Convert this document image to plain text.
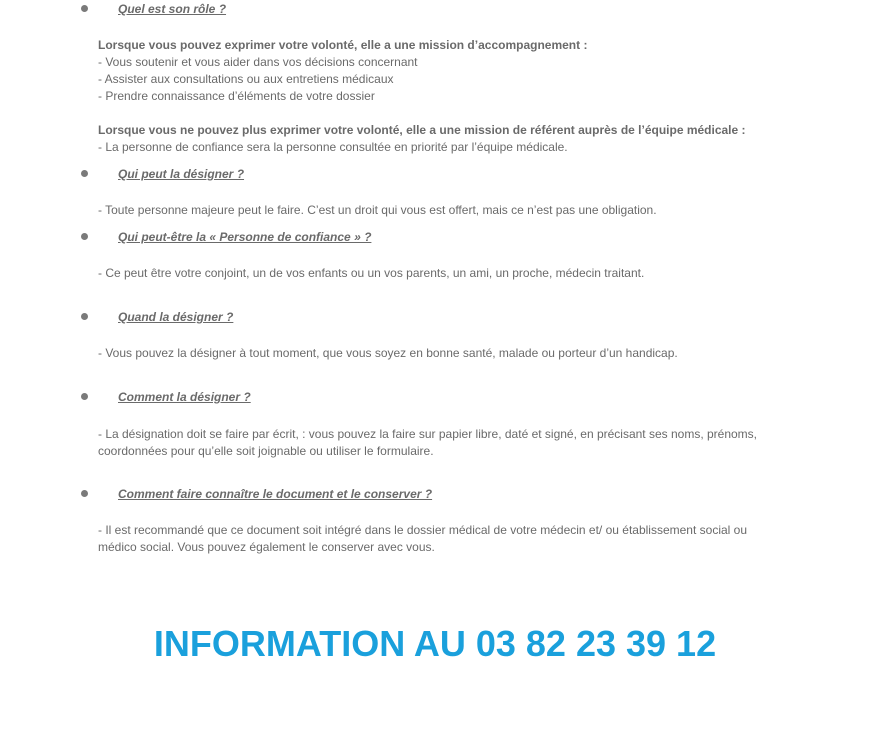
Quel est son rôle ?
Lorsque vous pouvez exprimer votre volonté, elle a une mission d’accompagnement :
- Vous soutenir et vous aider dans vos décisions concernant
- Assister aux consultations ou aux entretiens médicaux
- Prendre connaissance d’éléments de votre dossier
Lorsque vous ne pouvez plus exprimer votre volonté, elle a une mission de référent auprès de l’équipe médicale :
- La personne de confiance sera la personne consultée en priorité par l’équipe médicale.
Qui peut la désigner ?
- Toute personne majeure peut le faire. C’est un droit qui vous est offert, mais ce n’est pas une obligation.
Qui peut-être la « Personne de confiance » ?
- Ce peut être votre conjoint, un de vos enfants ou un vos parents, un ami, un proche, médecin traitant.
Quand la désigner ?
- Vous pouvez la désigner à tout moment, que vous soyez en bonne santé, malade ou porteur d’un handicap.
Comment la désigner ?
- La désignation doit se faire par écrit, : vous pouvez la faire sur papier libre, daté et signé, en précisant ses noms, prénoms,
coordonnées pour qu’elle soit joignable ou utiliser le formulaire.
Comment faire connaître le document et le conserver ?
- Il est recommandé que ce document soit intégré dans le dossier médical de votre médecin et/ ou établissement social ou
médico social. Vous pouvez également le conserver avec vous.
INFORMATION AU 03 82 23 39 12
